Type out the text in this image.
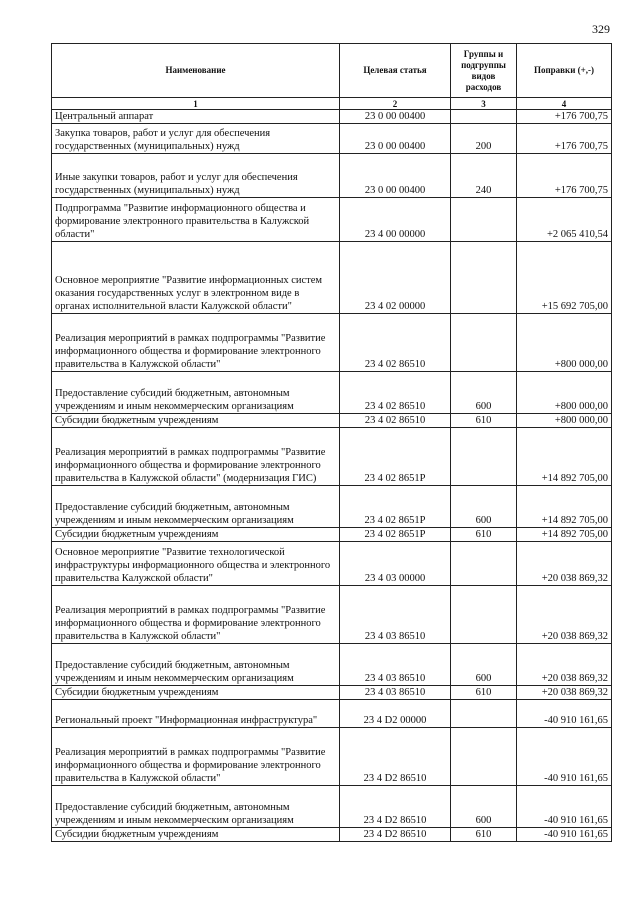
329
Наименование	Целевая статья	Группы и подгруппы видов расходов	Поправки (+,-)
1	2	3	4
Центральный аппарат	23 0 00 00400		+176 700,75
Закупка товаров, работ и услуг для обеспечения государственных (муниципальных) нужд	23 0 00 00400	200	+176 700,75
Иные закупки товаров, работ и услуг для обеспечения государственных (муниципальных) нужд	23 0 00 00400	240	+176 700,75
Подпрограмма "Развитие информационного общества и формирование электронного правительства в Калужской области"	23 4 00 00000		+2 065 410,54
Основное мероприятие "Развитие информационных систем оказания государственных услуг в электронном виде в органах исполнительной власти Калужской области"	23 4 02 00000		+15 692 705,00
Реализация мероприятий в рамках подпрограммы "Развитие информационного общества и формирование электронного правительства в Калужской области"	23 4 02 86510		+800 000,00
Предоставление субсидий бюджетным, автономным учреждениям и иным некоммерческим организациям	23 4 02 86510	600	+800 000,00
Субсидии бюджетным учреждениям	23 4 02 86510	610	+800 000,00
Реализация мероприятий в рамках подпрограммы "Развитие информационного общества и формирование электронного правительства в Калужской области" (модернизация ГИС)	23 4 02 8651P		+14 892 705,00
Предоставление субсидий бюджетным, автономным учреждениям и иным некоммерческим организациям	23 4 02 8651P	600	+14 892 705,00
Субсидии бюджетным учреждениям	23 4 02 8651P	610	+14 892 705,00
Основное мероприятие "Развитие технологической инфраструктуры информационного общества и электронного правительства Калужской области"	23 4 03 00000		+20 038 869,32
Реализация мероприятий в рамках подпрограммы "Развитие информационного общества и формирование электронного правительства в Калужской области"	23 4 03 86510		+20 038 869,32
Предоставление субсидий бюджетным, автономным учреждениям и иным некоммерческим организациям	23 4 03 86510	600	+20 038 869,32
Субсидии бюджетным учреждениям	23 4 03 86510	610	+20 038 869,32
Региональный проект "Информационная инфраструктура"	23 4 D2 00000		-40 910 161,65
Реализация мероприятий в рамках подпрограммы "Развитие информационного общества и формирование электронного правительства в Калужской области"	23 4 D2 86510		-40 910 161,65
Предоставление субсидий бюджетным, автономным учреждениям и иным некоммерческим организациям	23 4 D2 86510	600	-40 910 161,65
Субсидии бюджетным учреждениям	23 4 D2 86510	610	-40 910 161,65
